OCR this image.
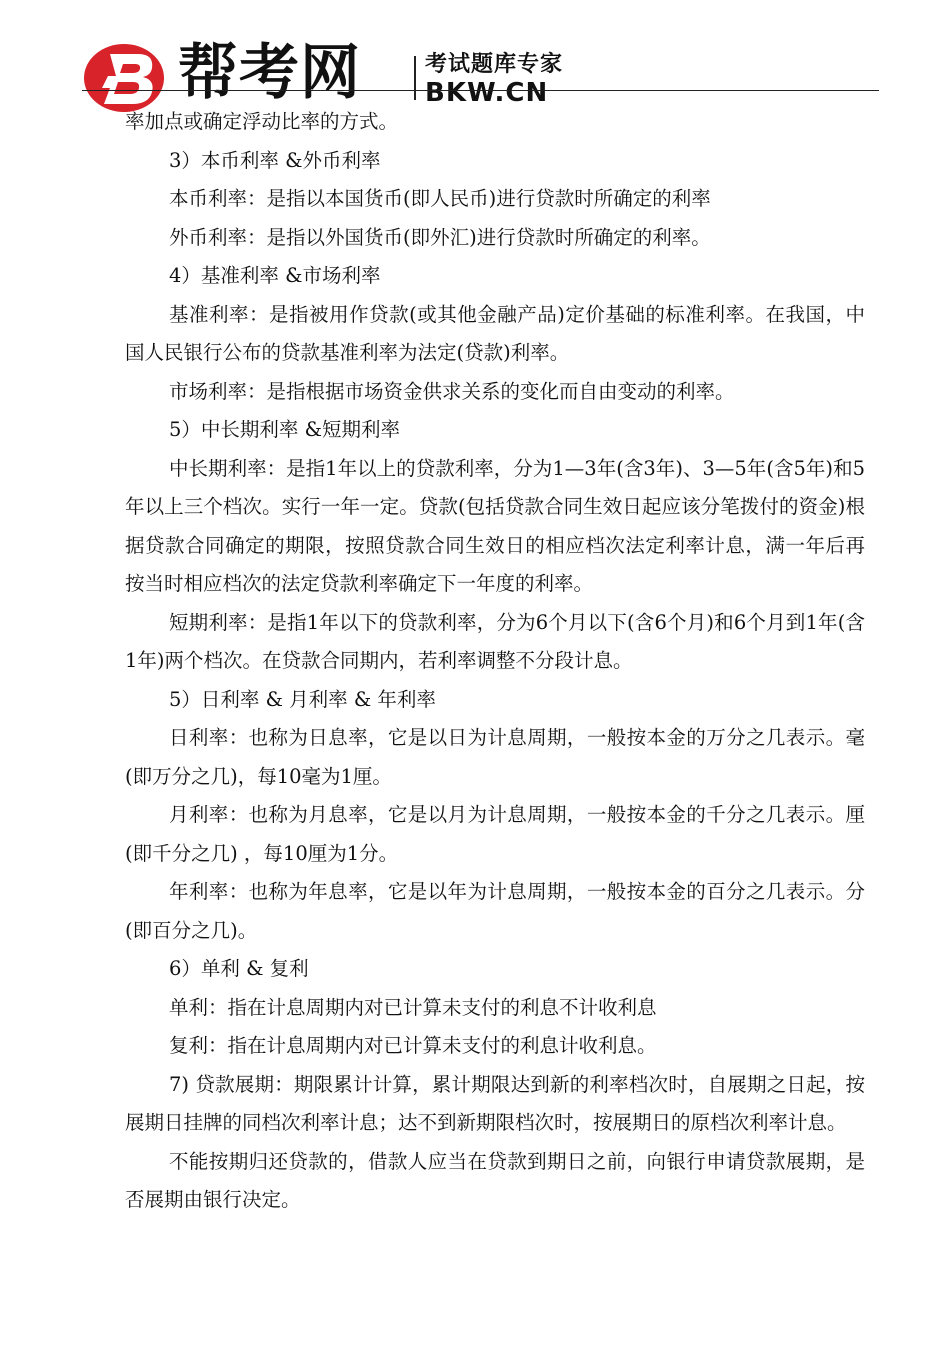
帮考网	考试题库专家
BKW.CN

率加点或确定浮动比率的方式。

3）本币利率 &外币利率

本币利率：是指以本国货币(即人民币)进行贷款时所确定的利率

外币利率：是指以外国货币(即外汇)进行贷款时所确定的利率。

4）基准利率 &市场利率

基准利率：是指被用作贷款(或其他金融产品)定价基础的标准利率。在我国，中国人民银行公布的贷款基准利率为法定(贷款)利率。

市场利率：是指根据市场资金供求关系的变化而自由变动的利率。

5）中长期利率 &短期利率

中长期利率：是指1年以上的贷款利率，分为1—3年(含3年)、3—5年(含5年)和5年以上三个档次。实行一年一定。贷款(包括贷款合同生效日起应该分笔拨付的资金)根据贷款合同确定的期限，按照贷款合同生效日的相应档次法定利率计息，满一年后再按当时相应档次的法定贷款利率确定下一年度的利率。

短期利率：是指1年以下的贷款利率，分为6个月以下(含6个月)和6个月到1年(含1年)两个档次。在贷款合同期内，若利率调整不分段计息。

5）日利率 & 月利率 & 年利率

日利率：也称为日息率，它是以日为计息周期，一般按本金的万分之几表示。毫(即万分之几)，每10毫为1厘。

月利率：也称为月息率，它是以月为计息周期，一般按本金的千分之几表示。厘(即千分之几) ，每10厘为1分。

年利率：也称为年息率，它是以年为计息周期，一般按本金的百分之几表示。分(即百分之几)。

6）单利 & 复利

单利：指在计息周期内对已计算未支付的利息不计收利息

复利：指在计息周期内对已计算未支付的利息计收利息。

7) 贷款展期：期限累计计算，累计期限达到新的利率档次时，自展期之日起，按展期日挂牌的同档次利率计息；达不到新期限档次时，按展期日的原档次利率计息。

不能按期归还贷款的，借款人应当在贷款到期日之前，向银行申请贷款展期，是否展期由银行决定。
